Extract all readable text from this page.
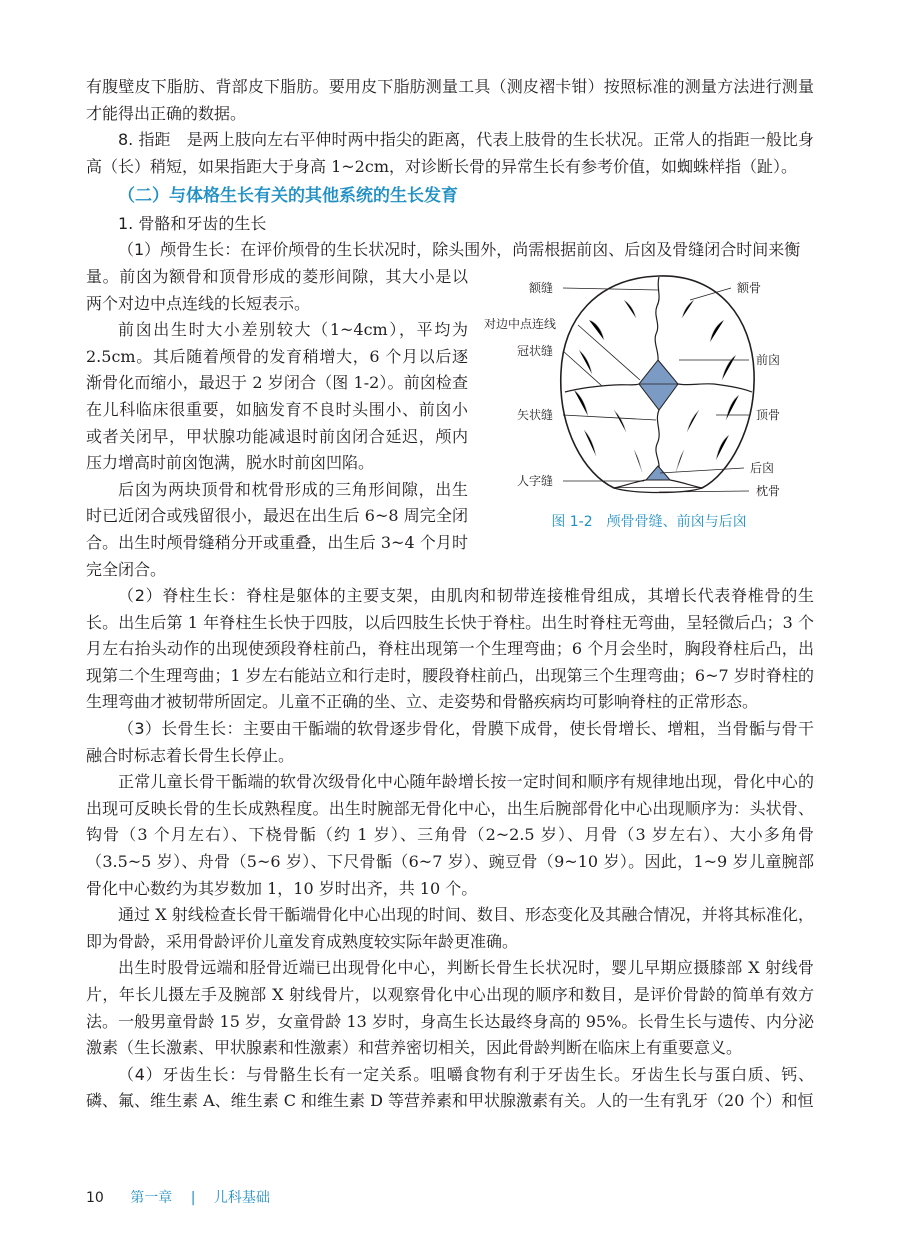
有腹壁皮下脂肪、背部皮下脂肪。要用皮下脂肪测量工具（测皮褶卡钳）按照标准的测量方法进行测量才能得出正确的数据。

8. 指距　是两上肢向左右平伸时两中指尖的距离，代表上肢骨的生长状况。正常人的指距一般比身高（长）稍短，如果指距大于身高 1~2cm，对诊断长骨的异常生长有参考价值，如蜘蛛样指（趾）。

（二）与体格生长有关的其他系统的生长发育
1. 骨骼和牙齿的生长

（1）颅骨生长：在评价颅骨的生长状况时，除头围外，尚需根据前囟、后囟及骨缝闭合时间来衡

量。前囟为额骨和顶骨形成的菱形间隙，其大小是以两个对边中点连线的长短表示。

前囟出生时大小差别较大（1~4cm），平均为 2.5cm。其后随着颅骨的发育稍增大，6 个月以后逐渐骨化而缩小，最迟于 2 岁闭合（图 1-2）。前囟检查在儿科临床很重要，如脑发育不良时头围小、前囟小或者关闭早，甲状腺功能减退时前囟闭合延迟，颅内压力增高时前囟饱满，脱水时前囟凹陷。

后囟为两块顶骨和枕骨形成的三角形间隙，出生时已近闭合或残留很小，最迟在出生后 6~8 周完全闭合。出生时颅骨缝稍分开或重叠，出生后 3~4 个月时完全闭合。

额缝	额骨
对边中点连线
冠状缝
前囟
矢状缝	顶骨
后囟
人字缝
枕骨
图 1-2　颅骨骨缝、前囟与后囟

（2）脊柱生长：脊柱是躯体的主要支架，由肌肉和韧带连接椎骨组成，其增长代表脊椎骨的生长。出生后第 1 年脊柱生长快于四肢，以后四肢生长快于脊柱。出生时脊柱无弯曲，呈轻微后凸；3 个月左右抬头动作的出现使颈段脊柱前凸，脊柱出现第一个生理弯曲；6 个月会坐时，胸段脊柱后凸，出现第二个生理弯曲；1 岁左右能站立和行走时，腰段脊柱前凸，出现第三个生理弯曲；6~7 岁时脊柱的生理弯曲才被韧带所固定。儿童不正确的坐、立、走姿势和骨骼疾病均可影响脊柱的正常形态。

（3）长骨生长：主要由干骺端的软骨逐步骨化，骨膜下成骨，使长骨增长、增粗，当骨骺与骨干融合时标志着长骨生长停止。

正常儿童长骨干骺端的软骨次级骨化中心随年龄增长按一定时间和顺序有规律地出现，骨化中心的出现可反映长骨的生长成熟程度。出生时腕部无骨化中心，出生后腕部骨化中心出现顺序为：头状骨、钩骨（3 个月左右）、下桡骨骺（约 1 岁）、三角骨（2~2.5 岁）、月骨（3 岁左右）、大小多角骨（3.5~5 岁）、舟骨（5~6 岁）、下尺骨骺（6~7 岁）、豌豆骨（9~10 岁）。因此，1~9 岁儿童腕部骨化中心数约为其岁数加 1，10 岁时出齐，共 10 个。

通过 X 射线检查长骨干骺端骨化中心出现的时间、数目、形态变化及其融合情况，并将其标准化，即为骨龄，采用骨龄评价儿童发育成熟度较实际年龄更准确。

出生时股骨远端和胫骨近端已出现骨化中心，判断长骨生长状况时，婴儿早期应摄膝部 X 射线骨片，年长儿摄左手及腕部 X 射线骨片，以观察骨化中心出现的顺序和数目，是评价骨龄的简单有效方法。一般男童骨龄 15 岁，女童骨龄 13 岁时，身高生长达最终身高的 95%。长骨生长与遗传、内分泌激素（生长激素、甲状腺素和性激素）和营养密切相关，因此骨龄判断在临床上有重要意义。

（4）牙齿生长：与骨骼生长有一定关系。咀嚼食物有利于牙齿生长。牙齿生长与蛋白质、钙、磷、氟、维生素 A、维生素 C 和维生素 D 等营养素和甲状腺激素有关。人的一生有乳牙（20 个）和恒

10 第一章 | 儿科基础
